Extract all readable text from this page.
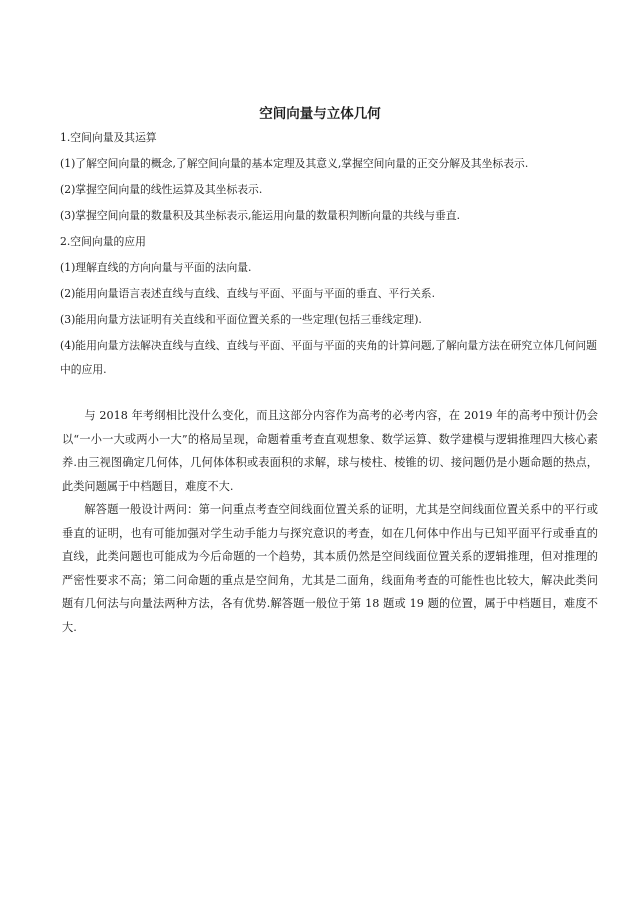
空间向量与立体几何
1.空间向量及其运算
(1)了解空间向量的概念,了解空间向量的基本定理及其意义,掌握空间向量的正交分解及其坐标表示.
(2)掌握空间向量的线性运算及其坐标表示.
(3)掌握空间向量的数量积及其坐标表示,能运用向量的数量积判断向量的共线与垂直.
2.空间向量的应用
(1)理解直线的方向向量与平面的法向量.
(2)能用向量语言表述直线与直线、直线与平面、平面与平面的垂直、平行关系.
(3)能用向量方法证明有关直线和平面位置关系的一些定理(包括三垂线定理).
(4)能用向量方法解决直线与直线、直线与平面、平面与平面的夹角的计算问题,了解向量方法在研究立体几何问题中的应用.

与 2018 年考纲相比没什么变化，而且这部分内容作为高考的必考内容，在 2019 年的高考中预计仍会以“一小一大或两小一大”的格局呈现，命题着重考查直观想象、数学运算、数学建模与逻辑推理四大核心素养.由三视图确定几何体，几何体体积或表面积的求解，球与棱柱、棱锥的切、接问题仍是小题命题的热点，此类问题属于中档题目，难度不大.

解答题一般设计两问：第一问重点考查空间线面位置关系的证明，尤其是空间线面位置关系中的平行或垂直的证明，也有可能加强对学生动手能力与探究意识的考查，如在几何体中作出与已知平面平行或垂直的直线，此类问题也可能成为今后命题的一个趋势，其本质仍然是空间线面位置关系的逻辑推理，但对推理的严密性要求不高；第二问命题的重点是空间角，尤其是二面角，线面角考查的可能性也比较大，解决此类问题有几何法与向量法两种方法，各有优势.解答题一般位于第 18 题或 19 题的位置，属于中档题目，难度不大.
